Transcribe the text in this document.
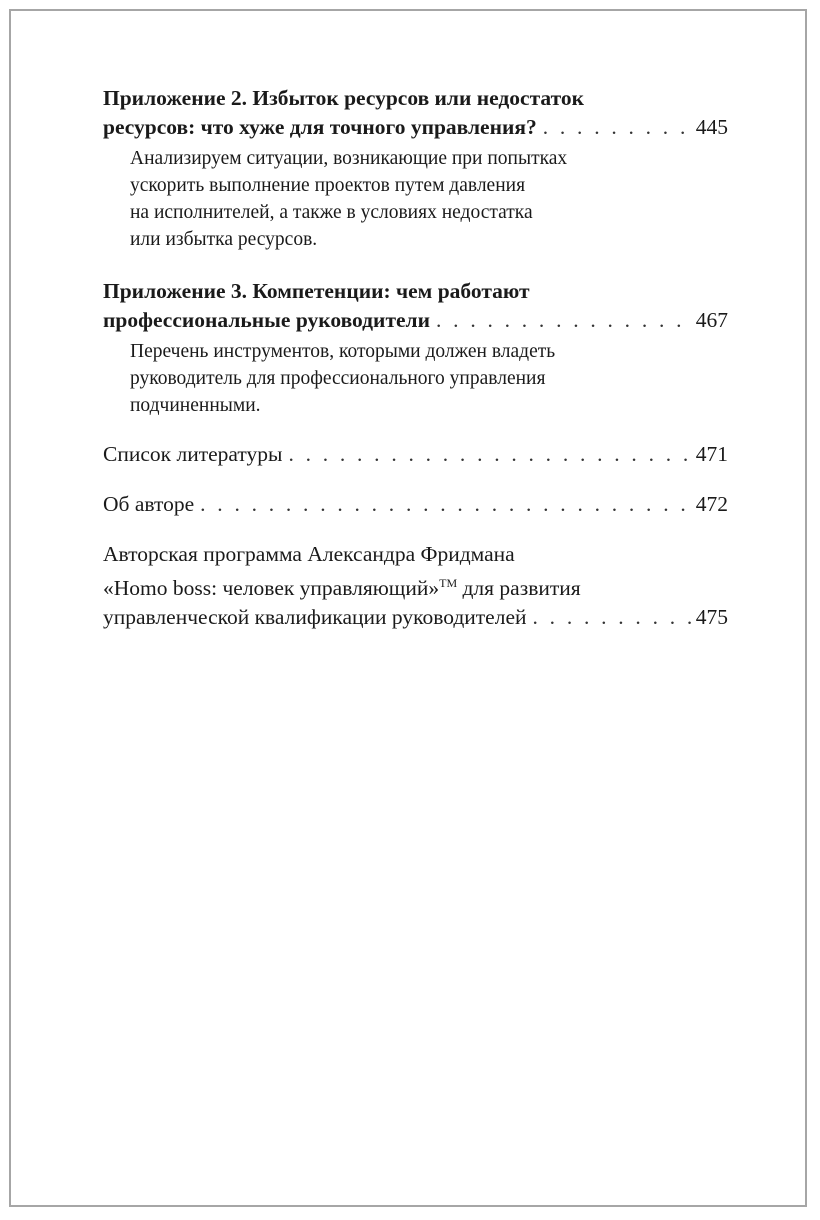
Приложение 2. Избыток ресурсов или недостаток
ресурсов: что хуже для точного управления? . . .	445
Анализируем ситуации, возникающие при попытках
ускорить выполнение проектов путем давления
на исполнителей, а также в условиях недостатка
или избытка ресурсов.
Приложение 3. Компетенции: чем работают
профессиональные руководители . . .	467
Перечень инструментов, которыми должен владеть
руководитель для профессионального управления
подчиненными.
Список литературы . . .	471
Об авторе . . .	472
Авторская программа Александра Фридмана
«Homo boss: человек управляющий»™ для развития
управленческой квалификации руководителей . . .	475
